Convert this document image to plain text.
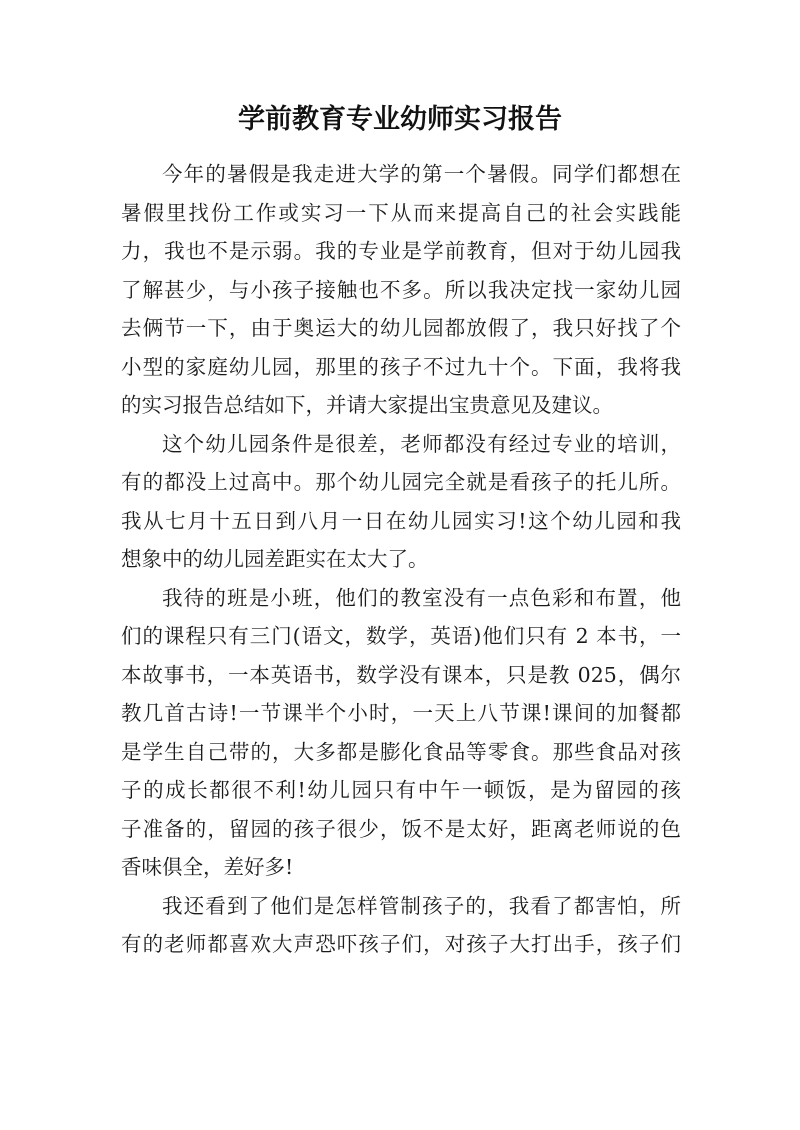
学前教育专业幼师实习报告
今年的暑假是我走进大学的第一个暑假。同学们都想在
暑假里找份工作或实习一下从而来提高自己的社会实践能
力，我也不是示弱。我的专业是学前教育，但对于幼儿园我
了解甚少，与小孩子接触也不多。所以我决定找一家幼儿园
去俩节一下，由于奥运大的幼儿园都放假了，我只好找了个
小型的家庭幼儿园，那里的孩子不过九十个。下面，我将我
的实习报告总结如下，并请大家提出宝贵意见及建议。
这个幼儿园条件是很差，老师都没有经过专业的培训，
有的都没上过高中。那个幼儿园完全就是看孩子的托儿所。
我从七月十五日到八月一日在幼儿园实习!这个幼儿园和我
想象中的幼儿园差距实在太大了。
我待的班是小班，他们的教室没有一点色彩和布置，他
们的课程只有三门(语文，数学，英语)他们只有 2 本书，一
本故事书，一本英语书，数学没有课本，只是教 025，偶尔
教几首古诗!一节课半个小时，一天上八节课!课间的加餐都
是学生自己带的，大多都是膨化食品等零食。那些食品对孩
子的成长都很不利!幼儿园只有中午一顿饭，是为留园的孩
子准备的，留园的孩子很少，饭不是太好，距离老师说的色
香味俱全，差好多!
我还看到了他们是怎样管制孩子的，我看了都害怕，所
有的老师都喜欢大声恐吓孩子们，对孩子大打出手，孩子们
